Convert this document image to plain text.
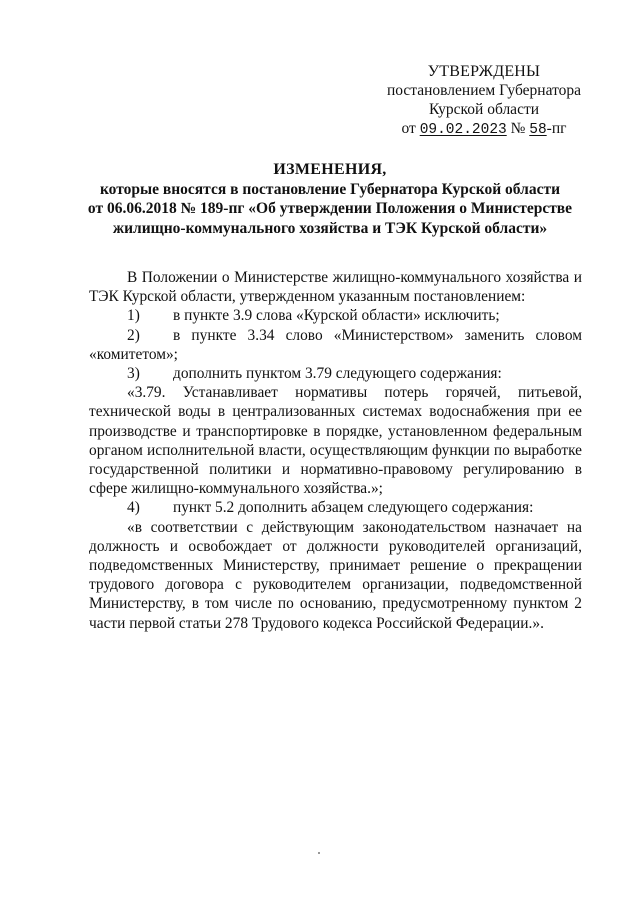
УТВЕРЖДЕНЫ
постановлением Губернатора
Курской области
от 09.02.2023 № 58-пг
ИЗМЕНЕНИЯ,
которые вносятся в постановление Губернатора Курской области
от 06.06.2018 № 189-пг «Об утверждении Положения о Министерстве
жилищно-коммунального хозяйства и ТЭК Курской области»

В Положении о Министерстве жилищно-коммунального хозяйства и ТЭК Курской области, утвержденном указанным постановлением:

1) в пункте 3.9 слова «Курской области» исключить;

2) в пункте 3.34 слово «Министерством» заменить словом «комитетом»;

3) дополнить пунктом 3.79 следующего содержания:

«3.79. Устанавливает нормативы потерь горячей, питьевой, технической воды в централизованных системах водоснабжения при ее производстве и транспортировке в порядке, установленном федеральным органом исполнительной власти, осуществляющим функции по выработке государственной политики и нормативно-правовому регулированию в сфере жилищно-коммунального хозяйства.»;

4) пункт 5.2 дополнить абзацем следующего содержания:

«в соответствии с действующим законодательством назначает на должность и освобождает от должности руководителей организаций, подведомственных Министерству, принимает решение о прекращении трудового договора с руководителем организации, подведомственной Министерству, в том числе по основанию, предусмотренному пунктом 2 части первой статьи 278 Трудового кодекса Российской Федерации.».
